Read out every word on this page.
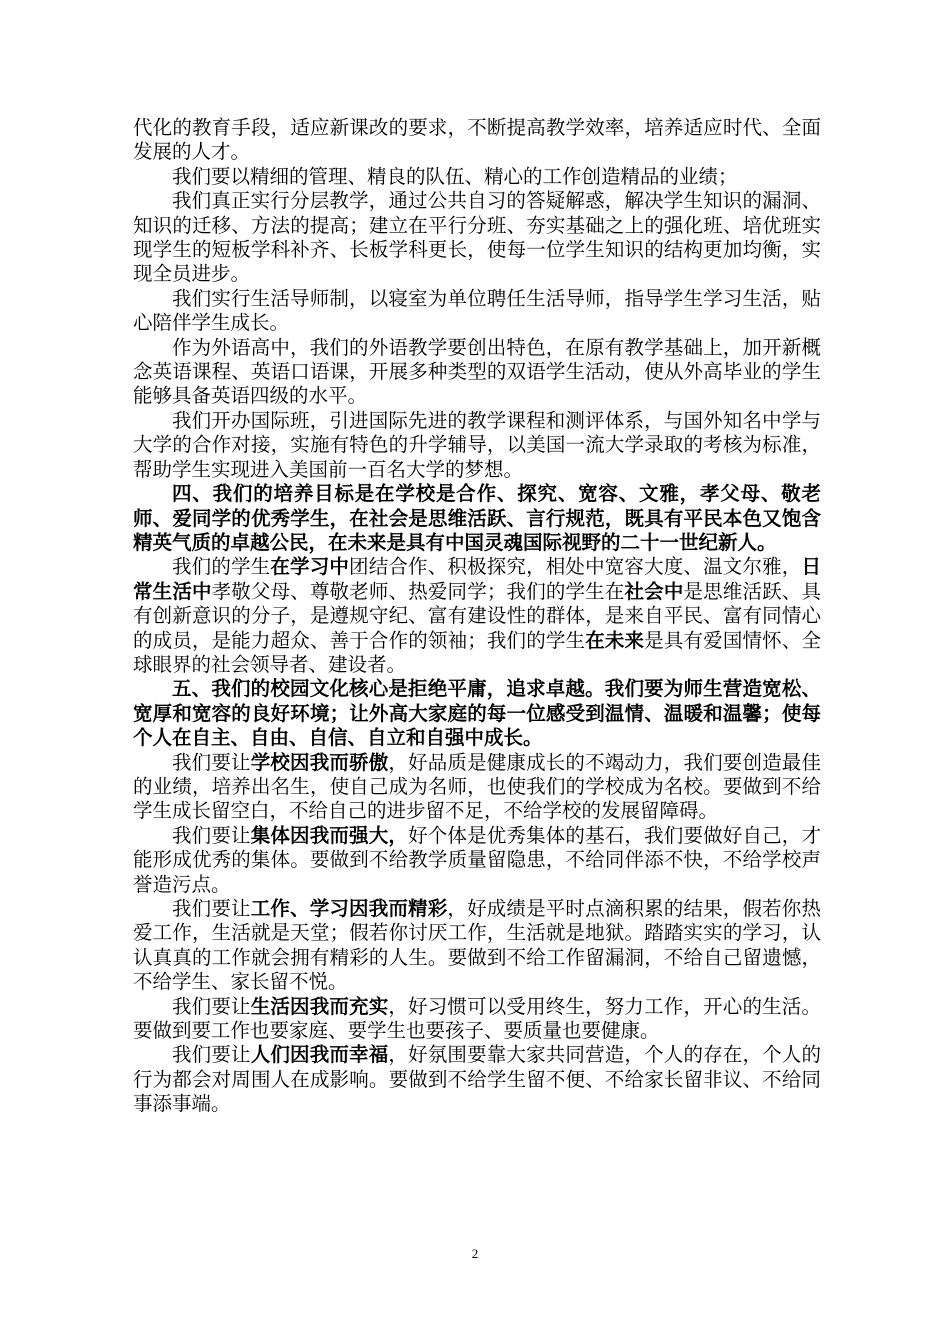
代化的教育手段，适应新课改的要求，不断提高教学效率，培养适应时代、全面发展的人才。

我们要以精细的管理、精良的队伍、精心的工作创造精品的业绩；

我们真正实行分层教学，通过公共自习的答疑解惑，解决学生知识的漏洞、知识的迁移、方法的提高；建立在平行分班、夯实基础之上的强化班、培优班实现学生的短板学科补齐、长板学科更长，使每一位学生知识的结构更加均衡，实现全员进步。

我们实行生活导师制，以寝室为单位聘任生活导师，指导学生学习生活，贴心陪伴学生成长。

作为外语高中，我们的外语教学要创出特色，在原有教学基础上，加开新概念英语课程、英语口语课，开展多种类型的双语学生活动，使从外高毕业的学生能够具备英语四级的水平。

我们开办国际班，引进国际先进的教学课程和测评体系，与国外知名中学与大学的合作对接，实施有特色的升学辅导，以美国一流大学录取的考核为标准，帮助学生实现进入美国前一百名大学的梦想。

四、我们的培养目标是在学校是合作、探究、宽容、文雅，孝父母、敬老师、爱同学的优秀学生，在社会是思维活跃、言行规范，既具有平民本色又饱含精英气质的卓越公民，在未来是具有中国灵魂国际视野的二十一世纪新人。

我们的学生在学习中团结合作、积极探究，相处中宽容大度、温文尔雅，日常生活中孝敬父母、尊敬老师、热爱同学；我们的学生在社会中是思维活跃、具有创新意识的分子，是遵规守纪、富有建设性的群体，是来自平民、富有同情心的成员，是能力超众、善于合作的领袖；我们的学生在未来是具有爱国情怀、全球眼界的社会领导者、建设者。

五、我们的校园文化核心是拒绝平庸，追求卓越。我们要为师生营造宽松、宽厚和宽容的良好环境；让外高大家庭的每一位感受到温情、温暖和温馨；使每个人在自主、自由、自信、自立和自强中成长。

我们要让学校因我而骄傲，好品质是健康成长的不竭动力，我们要创造最佳的业绩，培养出名生，使自己成为名师，也使我们的学校成为名校。要做到不给学生成长留空白，不给自己的进步留不足，不给学校的发展留障碍。

我们要让集体因我而强大，好个体是优秀集体的基石，我们要做好自己，才能形成优秀的集体。要做到不给教学质量留隐患，不给同伴添不快，不给学校声誉造污点。

我们要让工作、学习因我而精彩，好成绩是平时点滴积累的结果，假若你热爱工作，生活就是天堂；假若你讨厌工作，生活就是地狱。踏踏实实的学习，认认真真的工作就会拥有精彩的人生。要做到不给工作留漏洞，不给自己留遗憾，不给学生、家长留不悦。

我们要让生活因我而充实，好习惯可以受用终生，努力工作，开心的生活。要做到要工作也要家庭、要学生也要孩子、要质量也要健康。

我们要让人们因我而幸福，好氛围要靠大家共同营造，个人的存在，个人的行为都会对周围人在成影响。要做到不给学生留不便、不给家长留非议、不给同事添事端。

2
